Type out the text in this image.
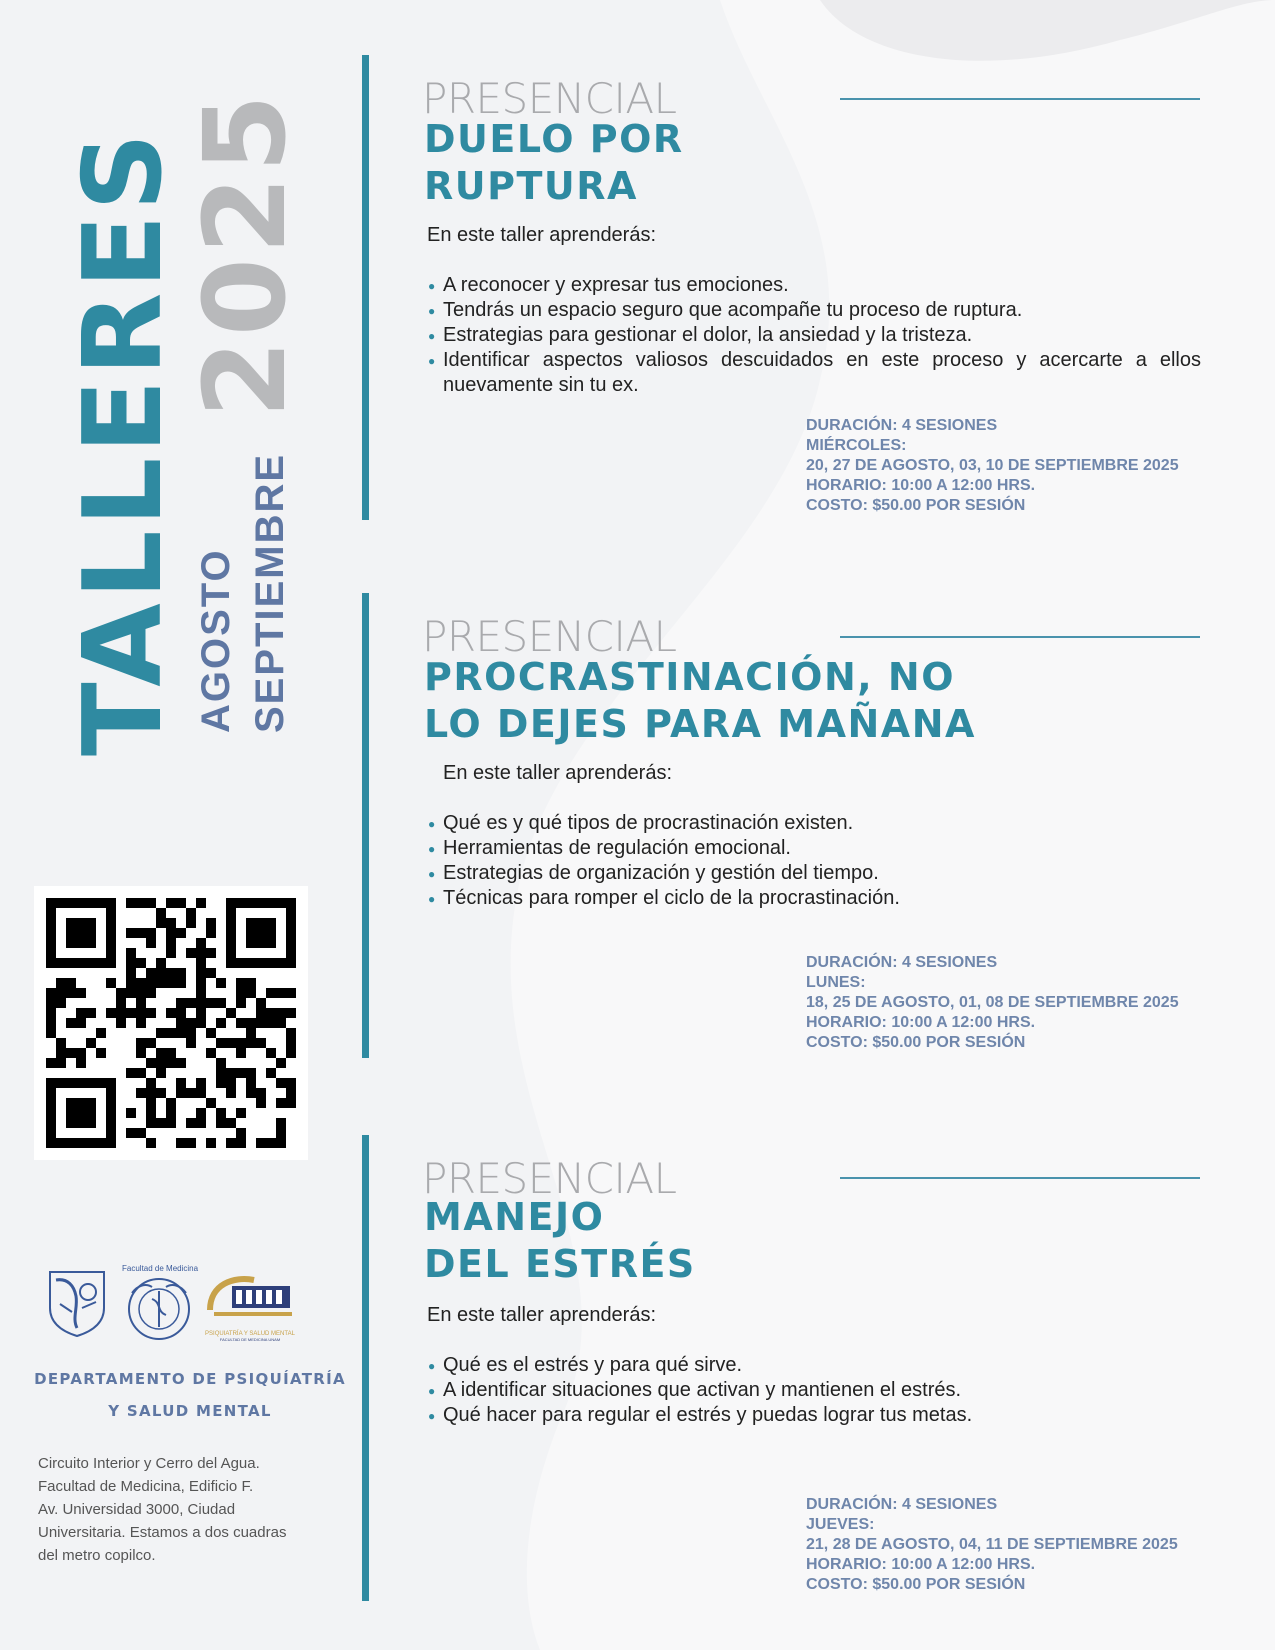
TALLERES
2025
AGOSTO SEPTIEMBRE
Facultad de Medicina
PSIQUIATRÍA Y SALUD MENTAL
FACULTAD DE MEDICINA UNAM
DEPARTAMENTO DE PSIQUÍATRÍA
Y SALUD MENTAL
Circuito Interior y Cerro del Agua.
Facultad de Medicina, Edificio F.
Av. Universidad 3000, Ciudad
Universitaria. Estamos a dos cuadras
del metro copilco.
PRESENCIAL
DUELO POR
RUPTURA
En este taller aprenderás:
● A reconocer y expresar tus emociones.
● Tendrás un espacio seguro que acompañe tu proceso de ruptura.
● Estrategias para gestionar el dolor, la ansiedad y la tristeza.
● Identificar aspectos valiosos descuidados en este proceso y acercarte a ellos nuevamente sin tu ex.
DURACIÓN: 4 SESIONES
MIÉRCOLES:
20, 27 DE AGOSTO, 03, 10 DE SEPTIEMBRE 2025
HORARIO: 10:00 A 12:00 HRS.
COSTO: $50.00 POR SESIÓN
PRESENCIAL
PROCRASTINACIÓN, NO
LO DEJES PARA MAÑANA
En este taller aprenderás:
● Qué es y qué tipos de procrastinación existen.
● Herramientas de regulación emocional.
● Estrategias de organización y gestión del tiempo.
● Técnicas para romper el ciclo de la procrastinación.
DURACIÓN: 4 SESIONES
LUNES:
18, 25 DE AGOSTO, 01, 08 DE SEPTIEMBRE 2025
HORARIO: 10:00 A 12:00 HRS.
COSTO: $50.00 POR SESIÓN
PRESENCIAL
MANEJO
DEL ESTRÉS
En este taller aprenderás:
● Qué es el estrés y para qué sirve.
● A identificar situaciones que activan y mantienen el estrés.
● Qué hacer para regular el estrés y puedas lograr tus metas.
DURACIÓN: 4 SESIONES
JUEVES:
21, 28 DE AGOSTO, 04, 11 DE SEPTIEMBRE 2025
HORARIO: 10:00 A 12:00 HRS.
COSTO: $50.00 POR SESIÓN
